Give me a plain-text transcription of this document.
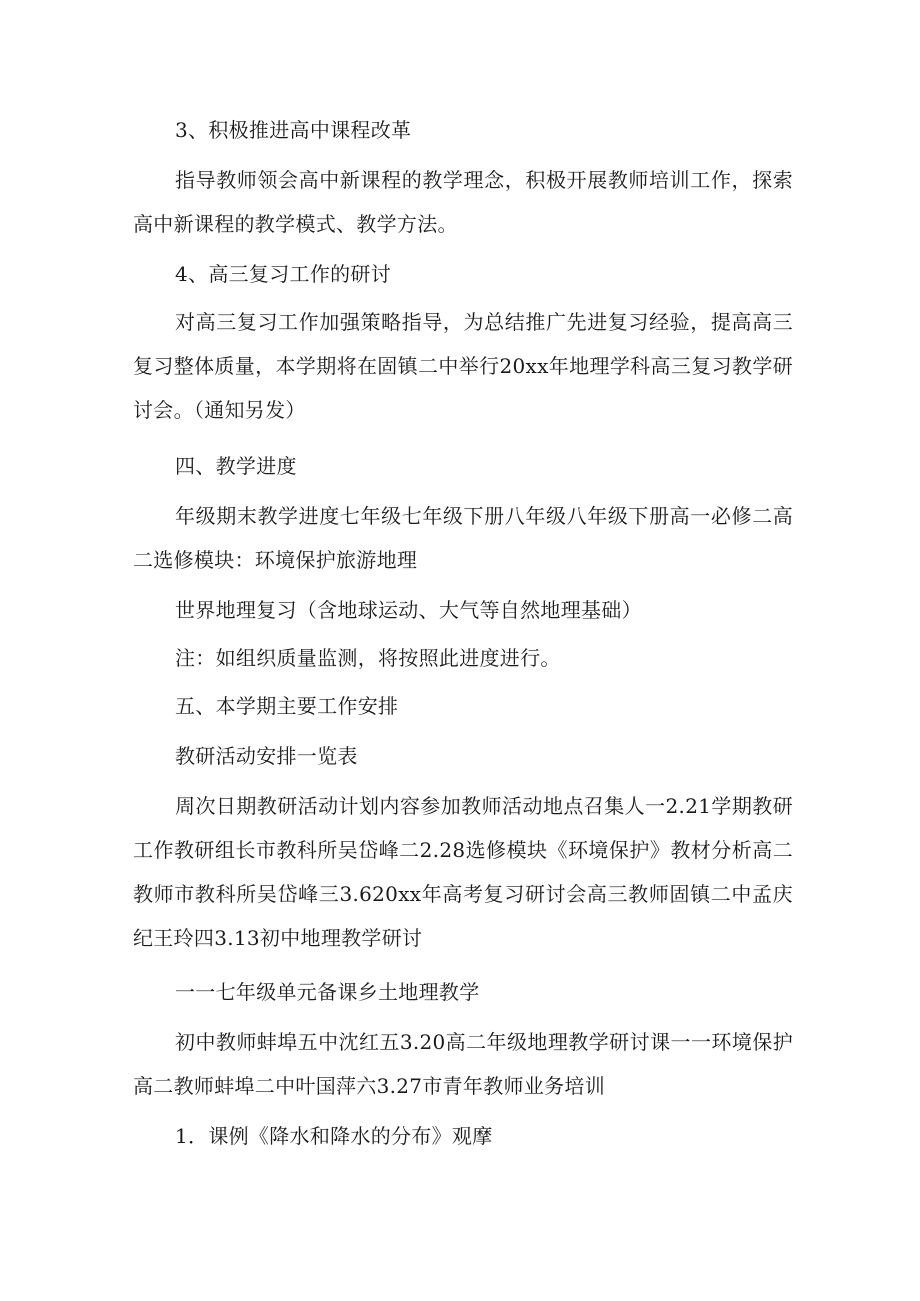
3、积极推进高中课程改革

指导教师领会高中新课程的教学理念，积极开展教师培训工作，探索高中新课程的教学模式、教学方法。

4、高三复习工作的研讨

对高三复习工作加强策略指导，为总结推广先进复习经验，提高高三复习整体质量，本学期将在固镇二中举行20xx年地理学科高三复习教学研讨会。（通知另发）

四、教学进度

年级期末教学进度七年级七年级下册八年级八年级下册高一必修二高二选修模块：环境保护旅游地理

世界地理复习（含地球运动、大气等自然地理基础）

注：如组织质量监测，将按照此进度进行。

五、本学期主要工作安排

教研活动安排一览表

周次日期教研活动计划内容参加教师活动地点召集人一2.21学期教研工作教研组长市教科所吴岱峰二2.28选修模块《环境保护》教材分析高二教师市教科所吴岱峰三3.620xx年高考复习研讨会高三教师固镇二中孟庆纪王玲四3.13初中地理教学研讨

一一七年级单元备课乡土地理教学

初中教师蚌埠五中沈红五3.20高二年级地理教学研讨课一一环境保护高二教师蚌埠二中叶国萍六3.27市青年教师业务培训

1．课例《降水和降水的分布》观摩
